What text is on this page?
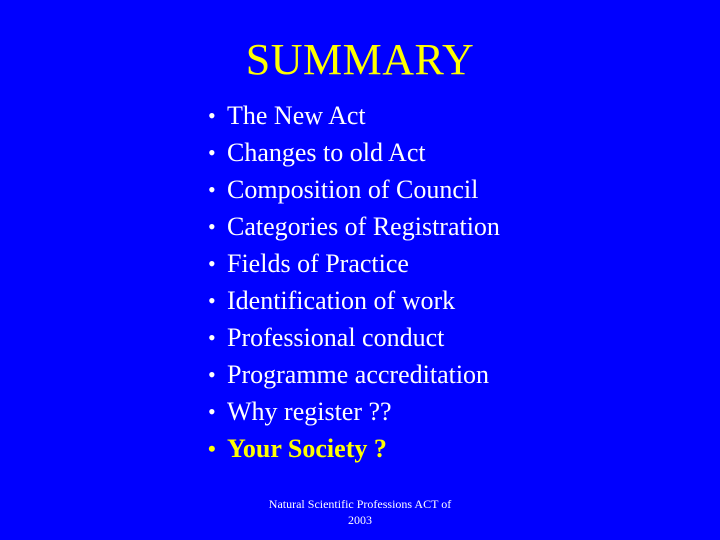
SUMMARY
• The New Act
• Changes to old Act
• Composition of Council
• Categories of Registration
• Fields of Practice
• Identification of work
• Professional conduct
• Programme accreditation
• Why register ??
• Your Society ?
Natural Scientific Professions ACT of
2003
